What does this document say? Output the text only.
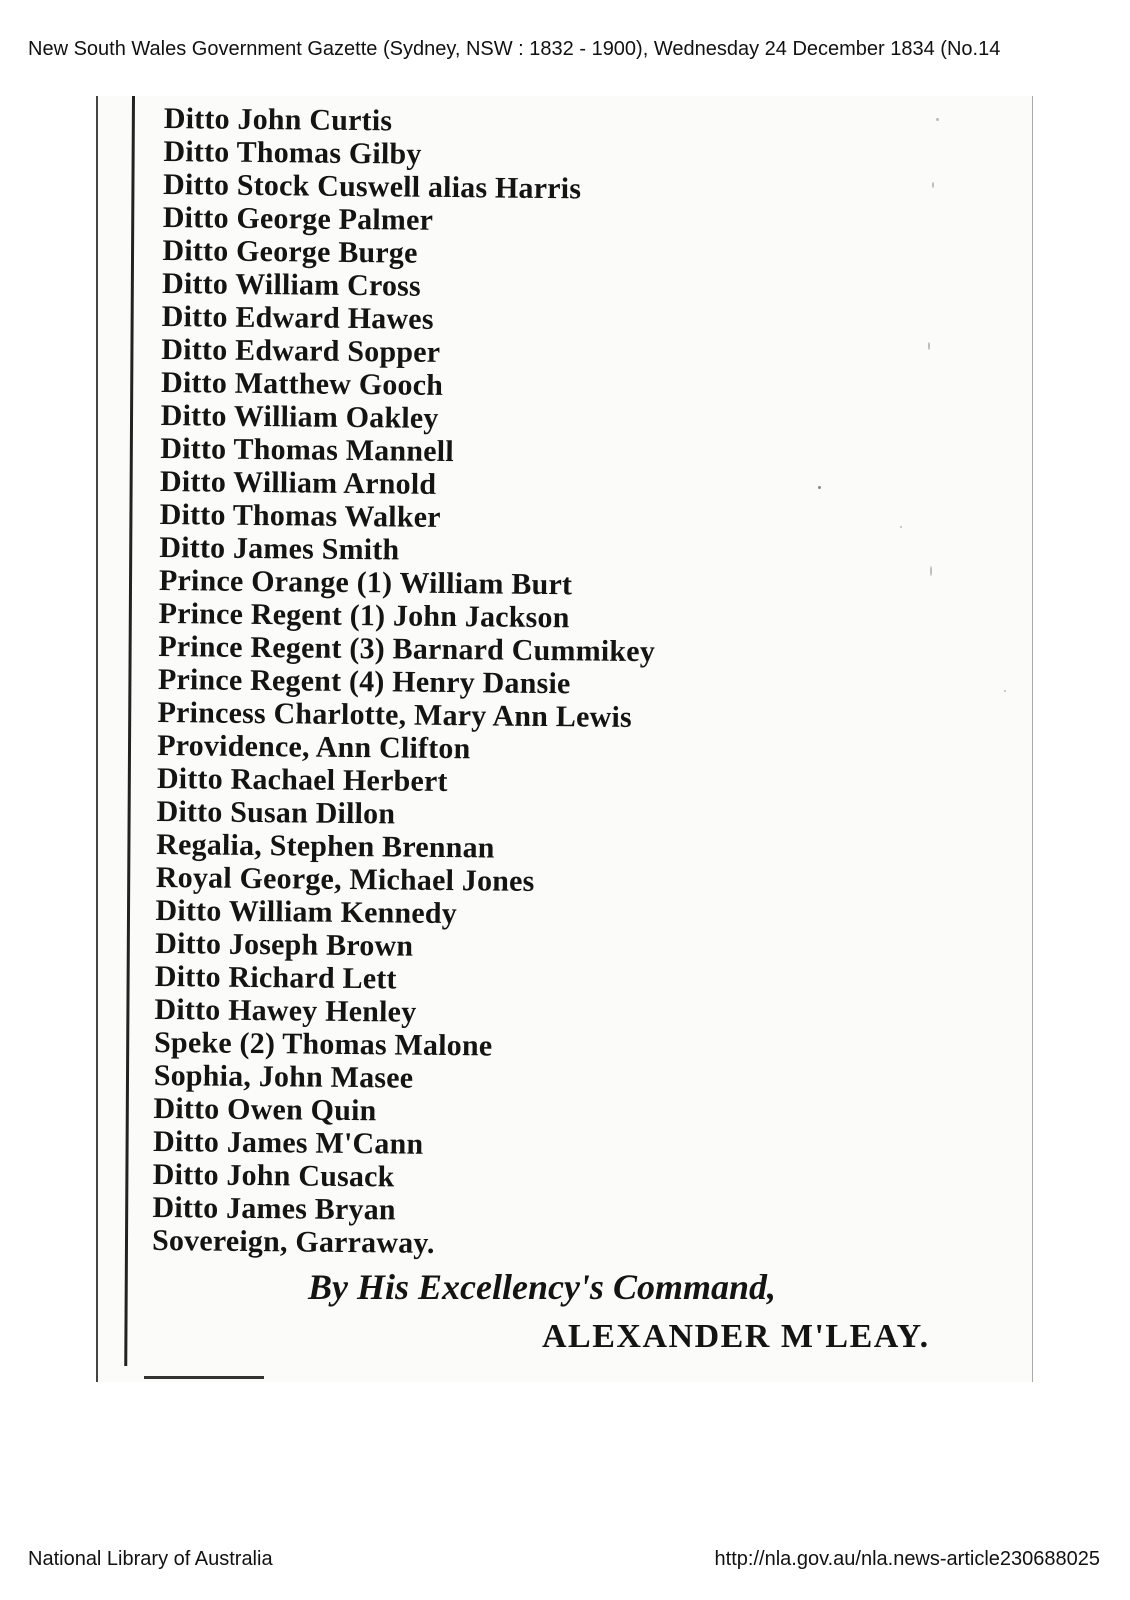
New South Wales Government Gazette (Sydney, NSW : 1832 - 1900), Wednesday 24 December 1834 (No.14
Ditto John Curtis
Ditto Thomas Gilby
Ditto Stock Cuswell alias Harris
Ditto George Palmer
Ditto George Burge
Ditto William Cross
Ditto Edward Hawes
Ditto Edward Sopper
Ditto Matthew Gooch
Ditto William Oakley
Ditto Thomas Mannell
Ditto William Arnold
Ditto Thomas Walker
Ditto James Smith
Prince Orange (1) William Burt
Prince Regent (1) John Jackson
Prince Regent (3) Barnard Cummikey
Prince Regent (4) Henry Dansie
Princess Charlotte, Mary Ann Lewis
Providence, Ann Clifton
Ditto Rachael Herbert
Ditto Susan Dillon
Regalia, Stephen Brennan
Royal George, Michael Jones
Ditto William Kennedy
Ditto Joseph Brown
Ditto Richard Lett
Ditto Hawey Henley
Speke (2) Thomas Malone
Sophia, John Masee
Ditto Owen Quin
Ditto James M'Cann
Ditto John Cusack
Ditto James Bryan
Sovereign, Garraway.
By His Excellency's Command,
ALEXANDER M'LEAY.
National Library of Australia	http://nla.gov.au/nla.news-article230688025
